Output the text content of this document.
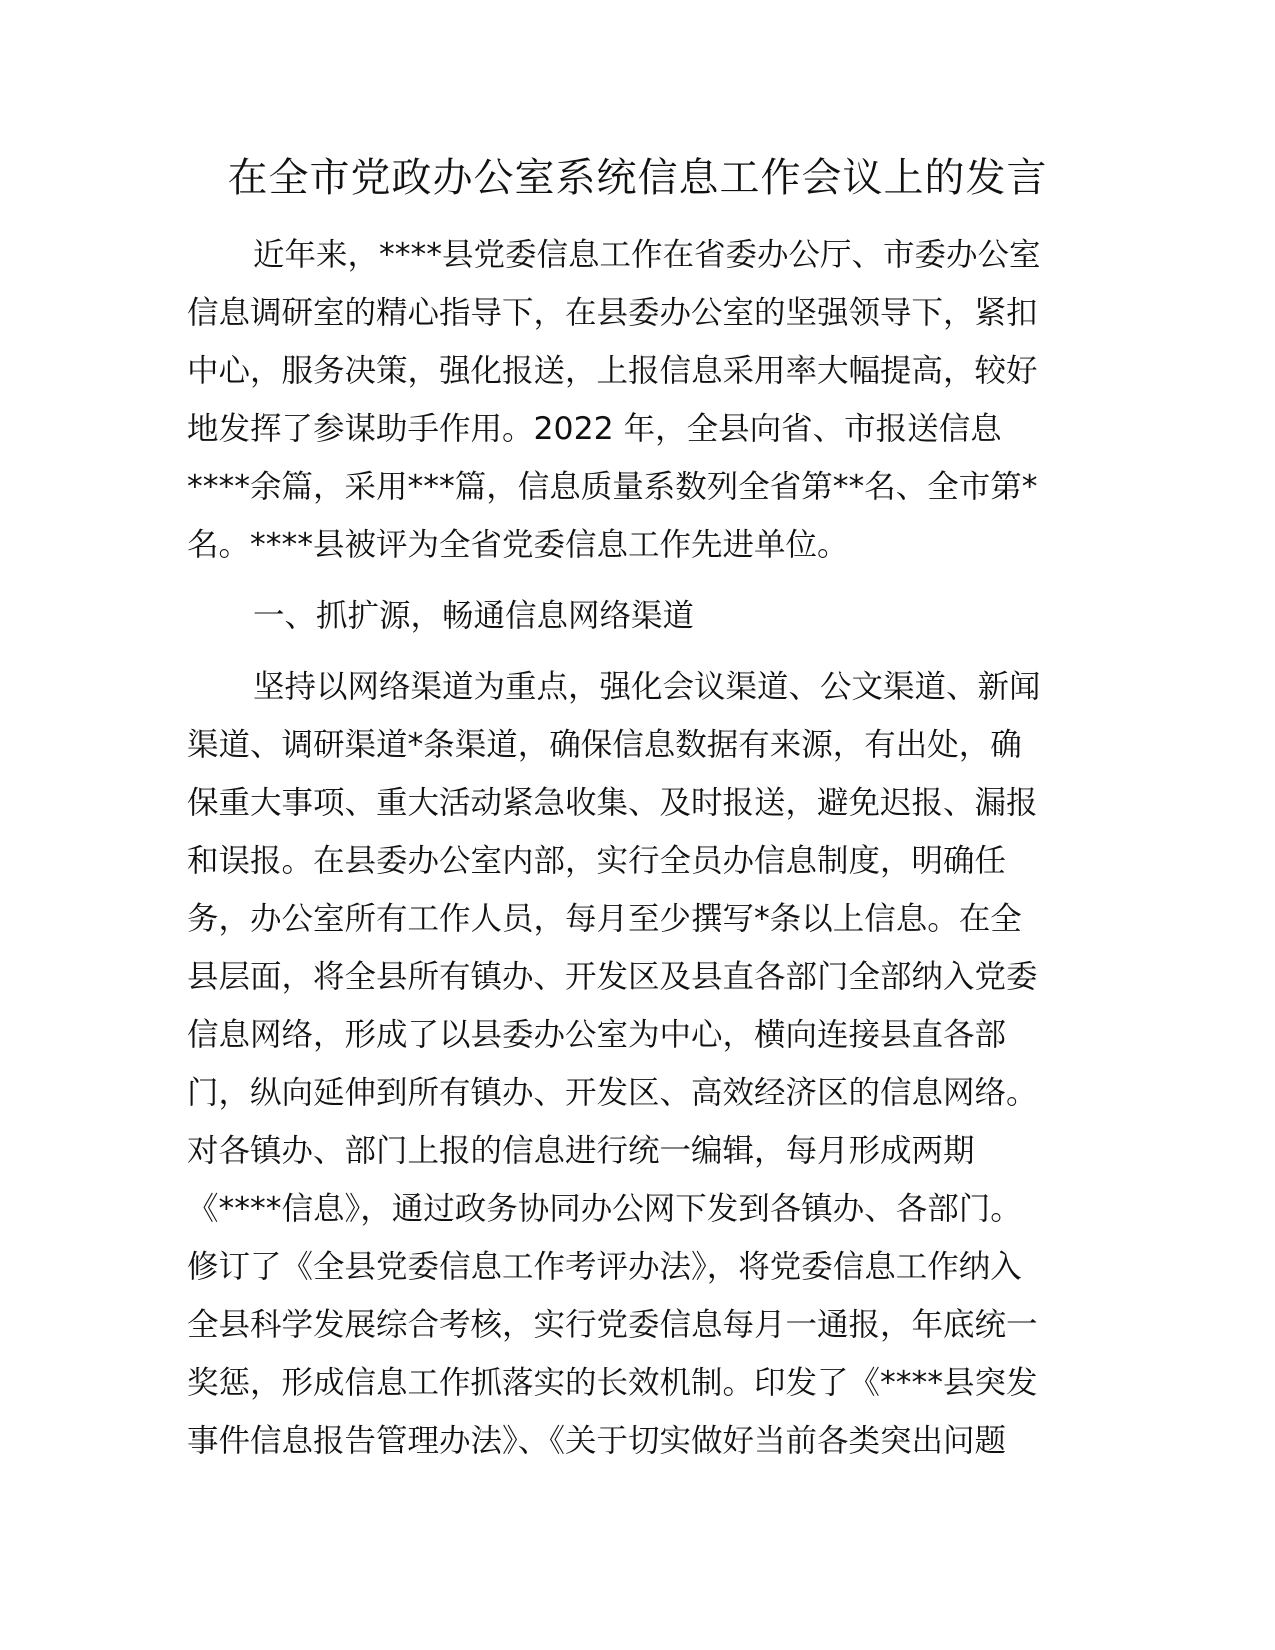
在全市党政办公室系统信息工作会议上的发言
近年来，****县党委信息工作在省委办公厅、市委办公室
信息调研室的精心指导下，在县委办公室的坚强领导下，紧扣
中心，服务决策，强化报送，上报信息采用率大幅提高，较好
地发挥了参谋助手作用。2022 年，全县向省、市报送信息
****余篇，采用***篇，信息质量系数列全省第**名、全市第*
名。****县被评为全省党委信息工作先进单位。
一、抓扩源，畅通信息网络渠道
坚持以网络渠道为重点，强化会议渠道、公文渠道、新闻
渠道、调研渠道*条渠道，确保信息数据有来源，有出处，确
保重大事项、重大活动紧急收集、及时报送，避免迟报、漏报
和误报。在县委办公室内部，实行全员办信息制度，明确任
务，办公室所有工作人员，每月至少撰写*条以上信息。在全
县层面，将全县所有镇办、开发区及县直各部门全部纳入党委
信息网络，形成了以县委办公室为中心，横向连接县直各部
门，纵向延伸到所有镇办、开发区、高效经济区的信息网络。
对各镇办、部门上报的信息进行统一编辑，每月形成两期
《****信息》，通过政务协同办公网下发到各镇办、各部门。
修订了《全县党委信息工作考评办法》，将党委信息工作纳入
全县科学发展综合考核，实行党委信息每月一通报，年底统一
奖惩，形成信息工作抓落实的长效机制。印发了《****县突发
事件信息报告管理办法》、《关于切实做好当前各类突出问题
